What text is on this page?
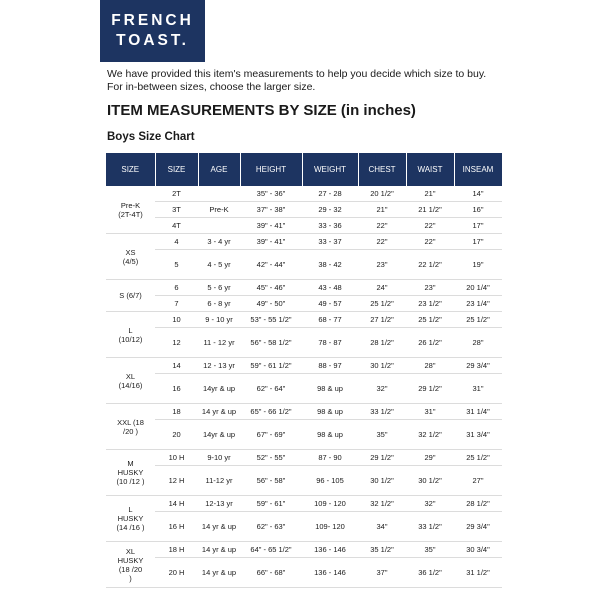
FRENCH
TOAST.

We have provided this item's measurements to help you decide which size to buy.

For in-between sizes, choose the larger size.

ITEM MEASUREMENTS BY SIZE (in inches)
Boys Size Chart
SIZE	SIZE	AGE	HEIGHT	WEIGHT	CHEST	WAIST	INSEAM
Pre-K
(2T-4T)	2T		35" - 36"	27 - 28	20 1/2"	21"	14"
	3T	Pre-K	37" - 38"	29 - 32	21"	21 1/2"	16"
	4T		39" - 41"	33 - 36	22"	22"	17"
XS
(4/5)	4	3 - 4 yr	39" - 41"	33 - 37	22"	22"	17"
	5	4 - 5 yr	42" - 44"	38 - 42	23"	22 1/2"	19"
S (6/7)	6	5 - 6 yr	45" - 46"	43 - 48	24"	23"	20 1/4"
	7	6 - 8 yr	49" - 50"	49 - 57	25 1/2"	23 1/2"	23 1/4"
L
(10/12)	10	9 - 10 yr	53" - 55 1/2"	68 - 77	27 1/2"	25 1/2"	25 1/2"
	12	11 - 12 yr	56" - 58 1/2"	78 - 87	28 1/2"	26 1/2"	28"
XL
(14/16)	14	12 - 13 yr	59" - 61 1/2"	88 - 97	30 1/2"	28"	29 3/4"
	16	14yr & up	62" - 64"	98 & up	32"	29 1/2"	31"
XXL (18
/20 )	18	14 yr & up	65" - 66 1/2"	98 & up	33 1/2"	31"	31 1/4"
	20	14yr & up	67" - 69"	98 & up	35"	32 1/2"	31 3/4"
M
HUSKY
(10 /12 )	10 H	9-10 yr	52" - 55"	87 - 90	29 1/2"	29"	25 1/2"
	12 H	11-12 yr	56" - 58"	96 - 105	30 1/2"	30 1/2"	27"
L
HUSKY
(14 /16 )	14 H	12-13 yr	59" - 61"	109 - 120	32 1/2"	32"	28 1/2"
	16 H	14 yr & up	62" - 63"	109- 120	34"	33 1/2"	29 3/4"
XL
HUSKY
(18 /20
)	18 H	14 yr & up	64" - 65 1/2"	136 - 146	35 1/2"	35"	30 3/4"
	20 H	14 yr & up	66" - 68"	136 - 146	37"	36 1/2"	31 1/2"
